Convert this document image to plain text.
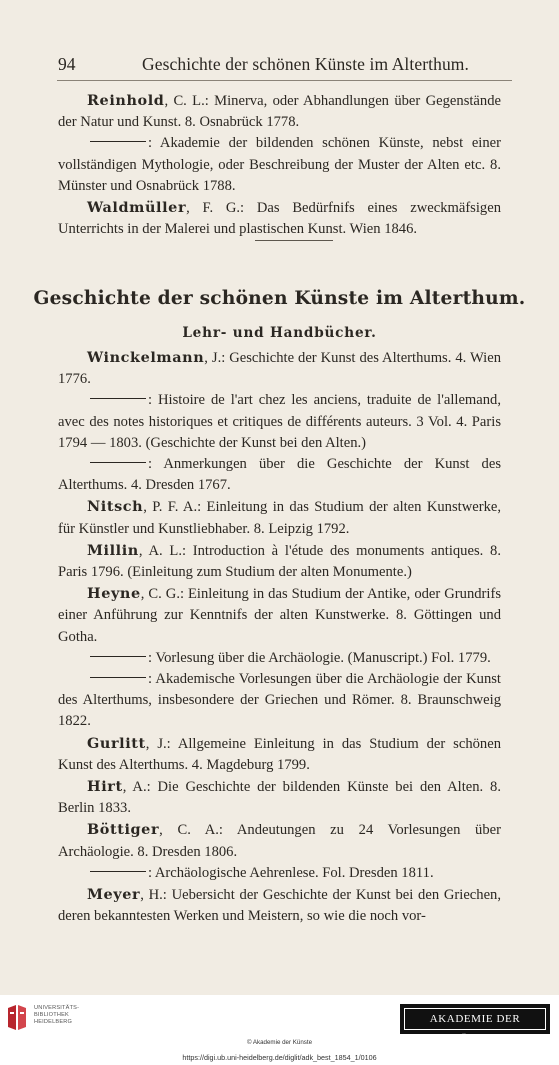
94	Geschichte der schönen Künste im Alterthum.

Reinhold, C. L.: Minerva, oder Abhandlungen über Gegenstände der Natur und Kunst. 8. Osnabrück 1778.

: Akademie der bildenden schönen Künste, nebst einer vollständigen Mythologie, oder Beschreibung der Muster der Alten etc. 8. Münster und Osnabrück 1788.

Waldmüller, F. G.: Das Bedürfnifs eines zweckmäfsigen Unterrichts in der Malerei und plastischen Kunst. Wien 1846.

Geschichte der schönen Künste im Alterthum.
Lehr- und Handbücher.

Winckelmann, J.: Geschichte der Kunst des Alterthums. 4. Wien 1776.

: Histoire de l'art chez les anciens, traduite de l'allemand, avec des notes historiques et critiques de différents auteurs. 3 Vol. 4. Paris 1794 — 1803. (Geschichte der Kunst bei den Alten.)

: Anmerkungen über die Geschichte der Kunst des Alterthums. 4. Dresden 1767.

Nitsch, P. F. A.: Einleitung in das Studium der alten Kunstwerke, für Künstler und Kunstliebhaber. 8. Leipzig 1792.

Millin, A. L.: Introduction à l'étude des monuments antiques. 8. Paris 1796. (Einleitung zum Studium der alten Monumente.)

Heyne, C. G.: Einleitung in das Studium der Antike, oder Grundrifs einer Anführung zur Kenntnifs der alten Kunstwerke. 8. Göttingen und Gotha.

: Vorlesung über die Archäologie. (Manuscript.) Fol. 1779.

: Akademische Vorlesungen über die Archäologie der Kunst des Alterthums, insbesondere der Griechen und Römer. 8. Braunschweig 1822.

Gurlitt, J.: Allgemeine Einleitung in das Studium der schönen Kunst des Alterthums. 4. Magdeburg 1799.

Hirt, A.: Die Geschichte der bildenden Künste bei den Alten. 8. Berlin 1833.

Böttiger, C. A.: Andeutungen zu 24 Vorlesungen über Archäologie. 8. Dresden 1806.

: Archäologische Aehrenlese. Fol. Dresden 1811.

Meyer, H.: Uebersicht der Geschichte der Kunst bei den Griechen, deren bekanntesten Werken und Meistern, so wie die noch vor-

UNIVERSITÄTS- BIBLIOTHEK HEIDELBERG	AKADEMIE DER KÜNSTE
© Akademie der Künste
https://digi.ub.uni-heidelberg.de/diglit/adk_best_1854_1/0106
